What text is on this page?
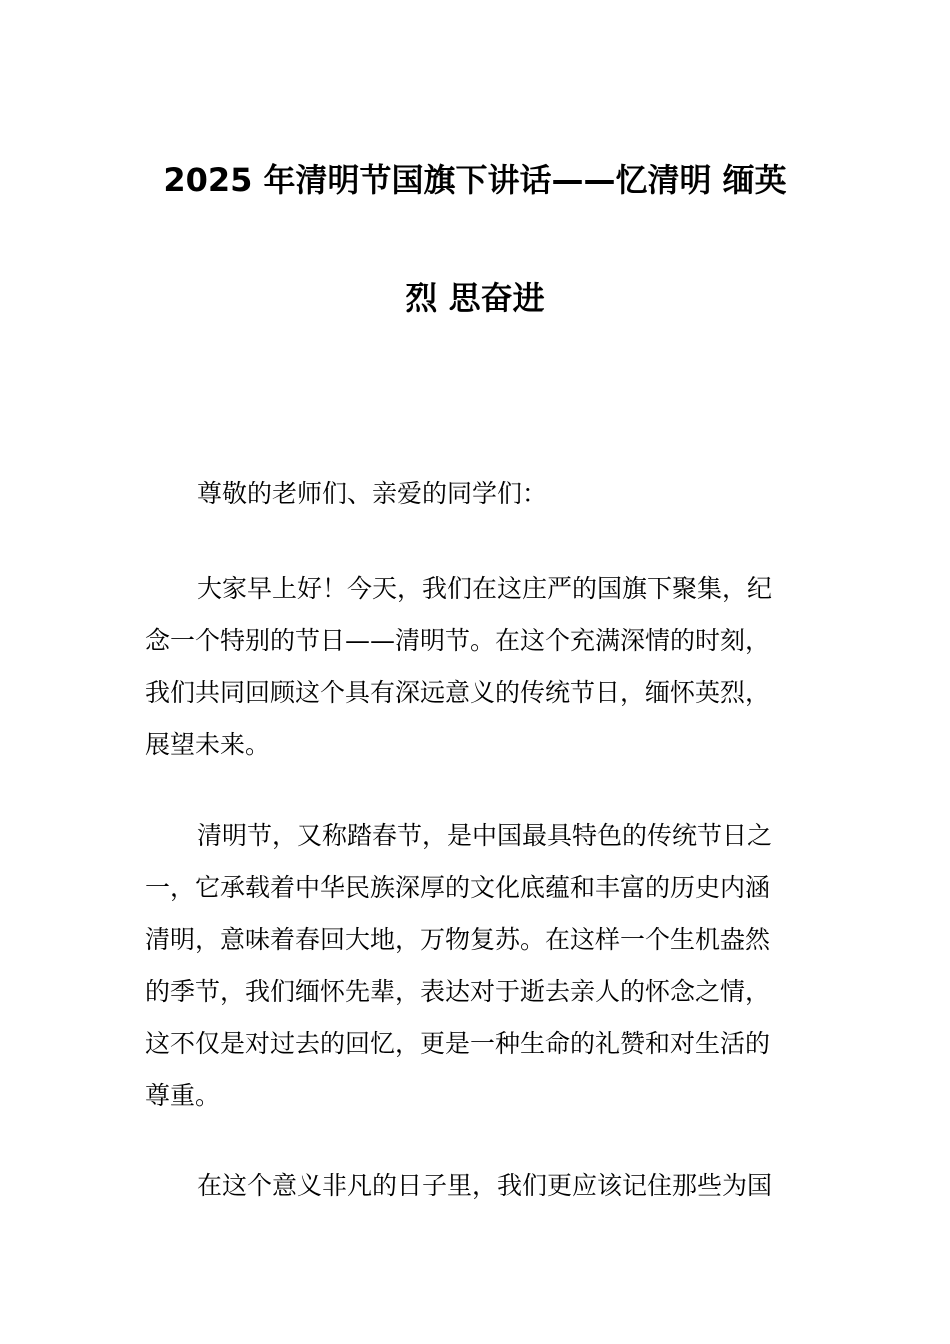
2025 年清明节国旗下讲话——忆清明 缅英
烈 思奋进

尊敬的老师们、亲爱的同学们：

大家早上好！今天，我们在这庄严的国旗下聚集，纪
念一个特别的节日——清明节。在这个充满深情的时刻，
我们共同回顾这个具有深远意义的传统节日，缅怀英烈，
展望未来。

清明节，又称踏春节，是中国最具特色的传统节日之
一，它承载着中华民族深厚的文化底蕴和丰富的历史内涵
清明，意味着春回大地，万物复苏。在这样一个生机盎然
的季节，我们缅怀先辈，表达对于逝去亲人的怀念之情，
这不仅是对过去的回忆，更是一种生命的礼赞和对生活的
尊重。

在这个意义非凡的日子里，我们更应该记住那些为国
